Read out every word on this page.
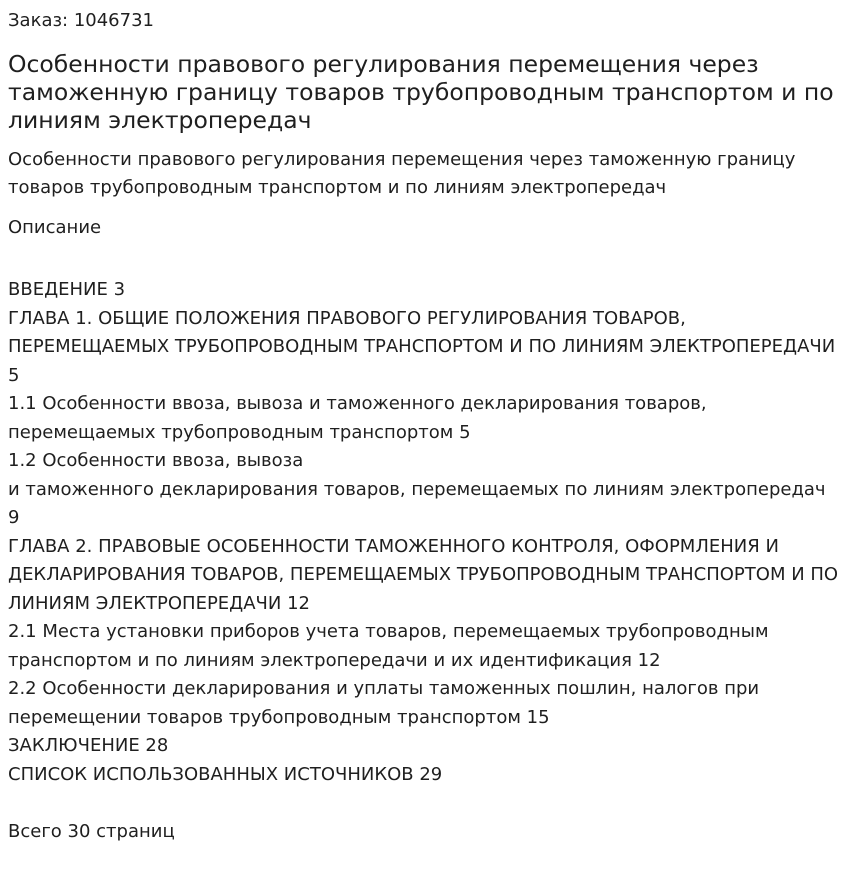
Заказ: 1046731
Особенности правового регулирования перемещения через таможенную границу товаров трубопроводным транспортом и по линиям электропередач
Особенности правового регулирования перемещения через таможенную границу товаров трубопроводным транспортом и по линиям электропередач
Описание
ВВЕДЕНИЕ 3
ГЛАВА 1. ОБЩИЕ ПОЛОЖЕНИЯ ПРАВОВОГО РЕГУЛИРОВАНИЯ ТОВАРОВ, ПЕРЕМЕЩАЕМЫХ ТРУБОПРОВОДНЫМ ТРАНСПОРТОМ И ПО ЛИНИЯМ ЭЛЕКТРОПЕРЕДАЧИ 5
1.1 Особенности ввоза, вывоза и таможенного декларирования товаров, перемещаемых трубопроводным транспортом 5
1.2 Особенности ввоза, вывоза
и таможенного декларирования товаров, перемещаемых по линиям электропередач 9
ГЛАВА 2. ПРАВОВЫЕ ОСОБЕННОСТИ ТАМОЖЕННОГО КОНТРОЛЯ, ОФОРМЛЕНИЯ И ДЕКЛАРИРОВАНИЯ ТОВАРОВ, ПЕРЕМЕЩАЕМЫХ ТРУБОПРОВОДНЫМ ТРАНСПОРТОМ И ПО ЛИНИЯМ ЭЛЕКТРОПЕРЕДАЧИ 12
2.1 Места установки приборов учета товаров, перемещаемых трубопроводным транспортом и по линиям электропередачи и их идентификация 12
2.2 Особенности декларирования и уплаты таможенных пошлин, налогов при перемещении товаров трубопроводным транспортом 15
ЗАКЛЮЧЕНИЕ 28
СПИСОК ИСПОЛЬЗОВАННЫХ ИСТОЧНИКОВ 29
Всего 30 страниц
